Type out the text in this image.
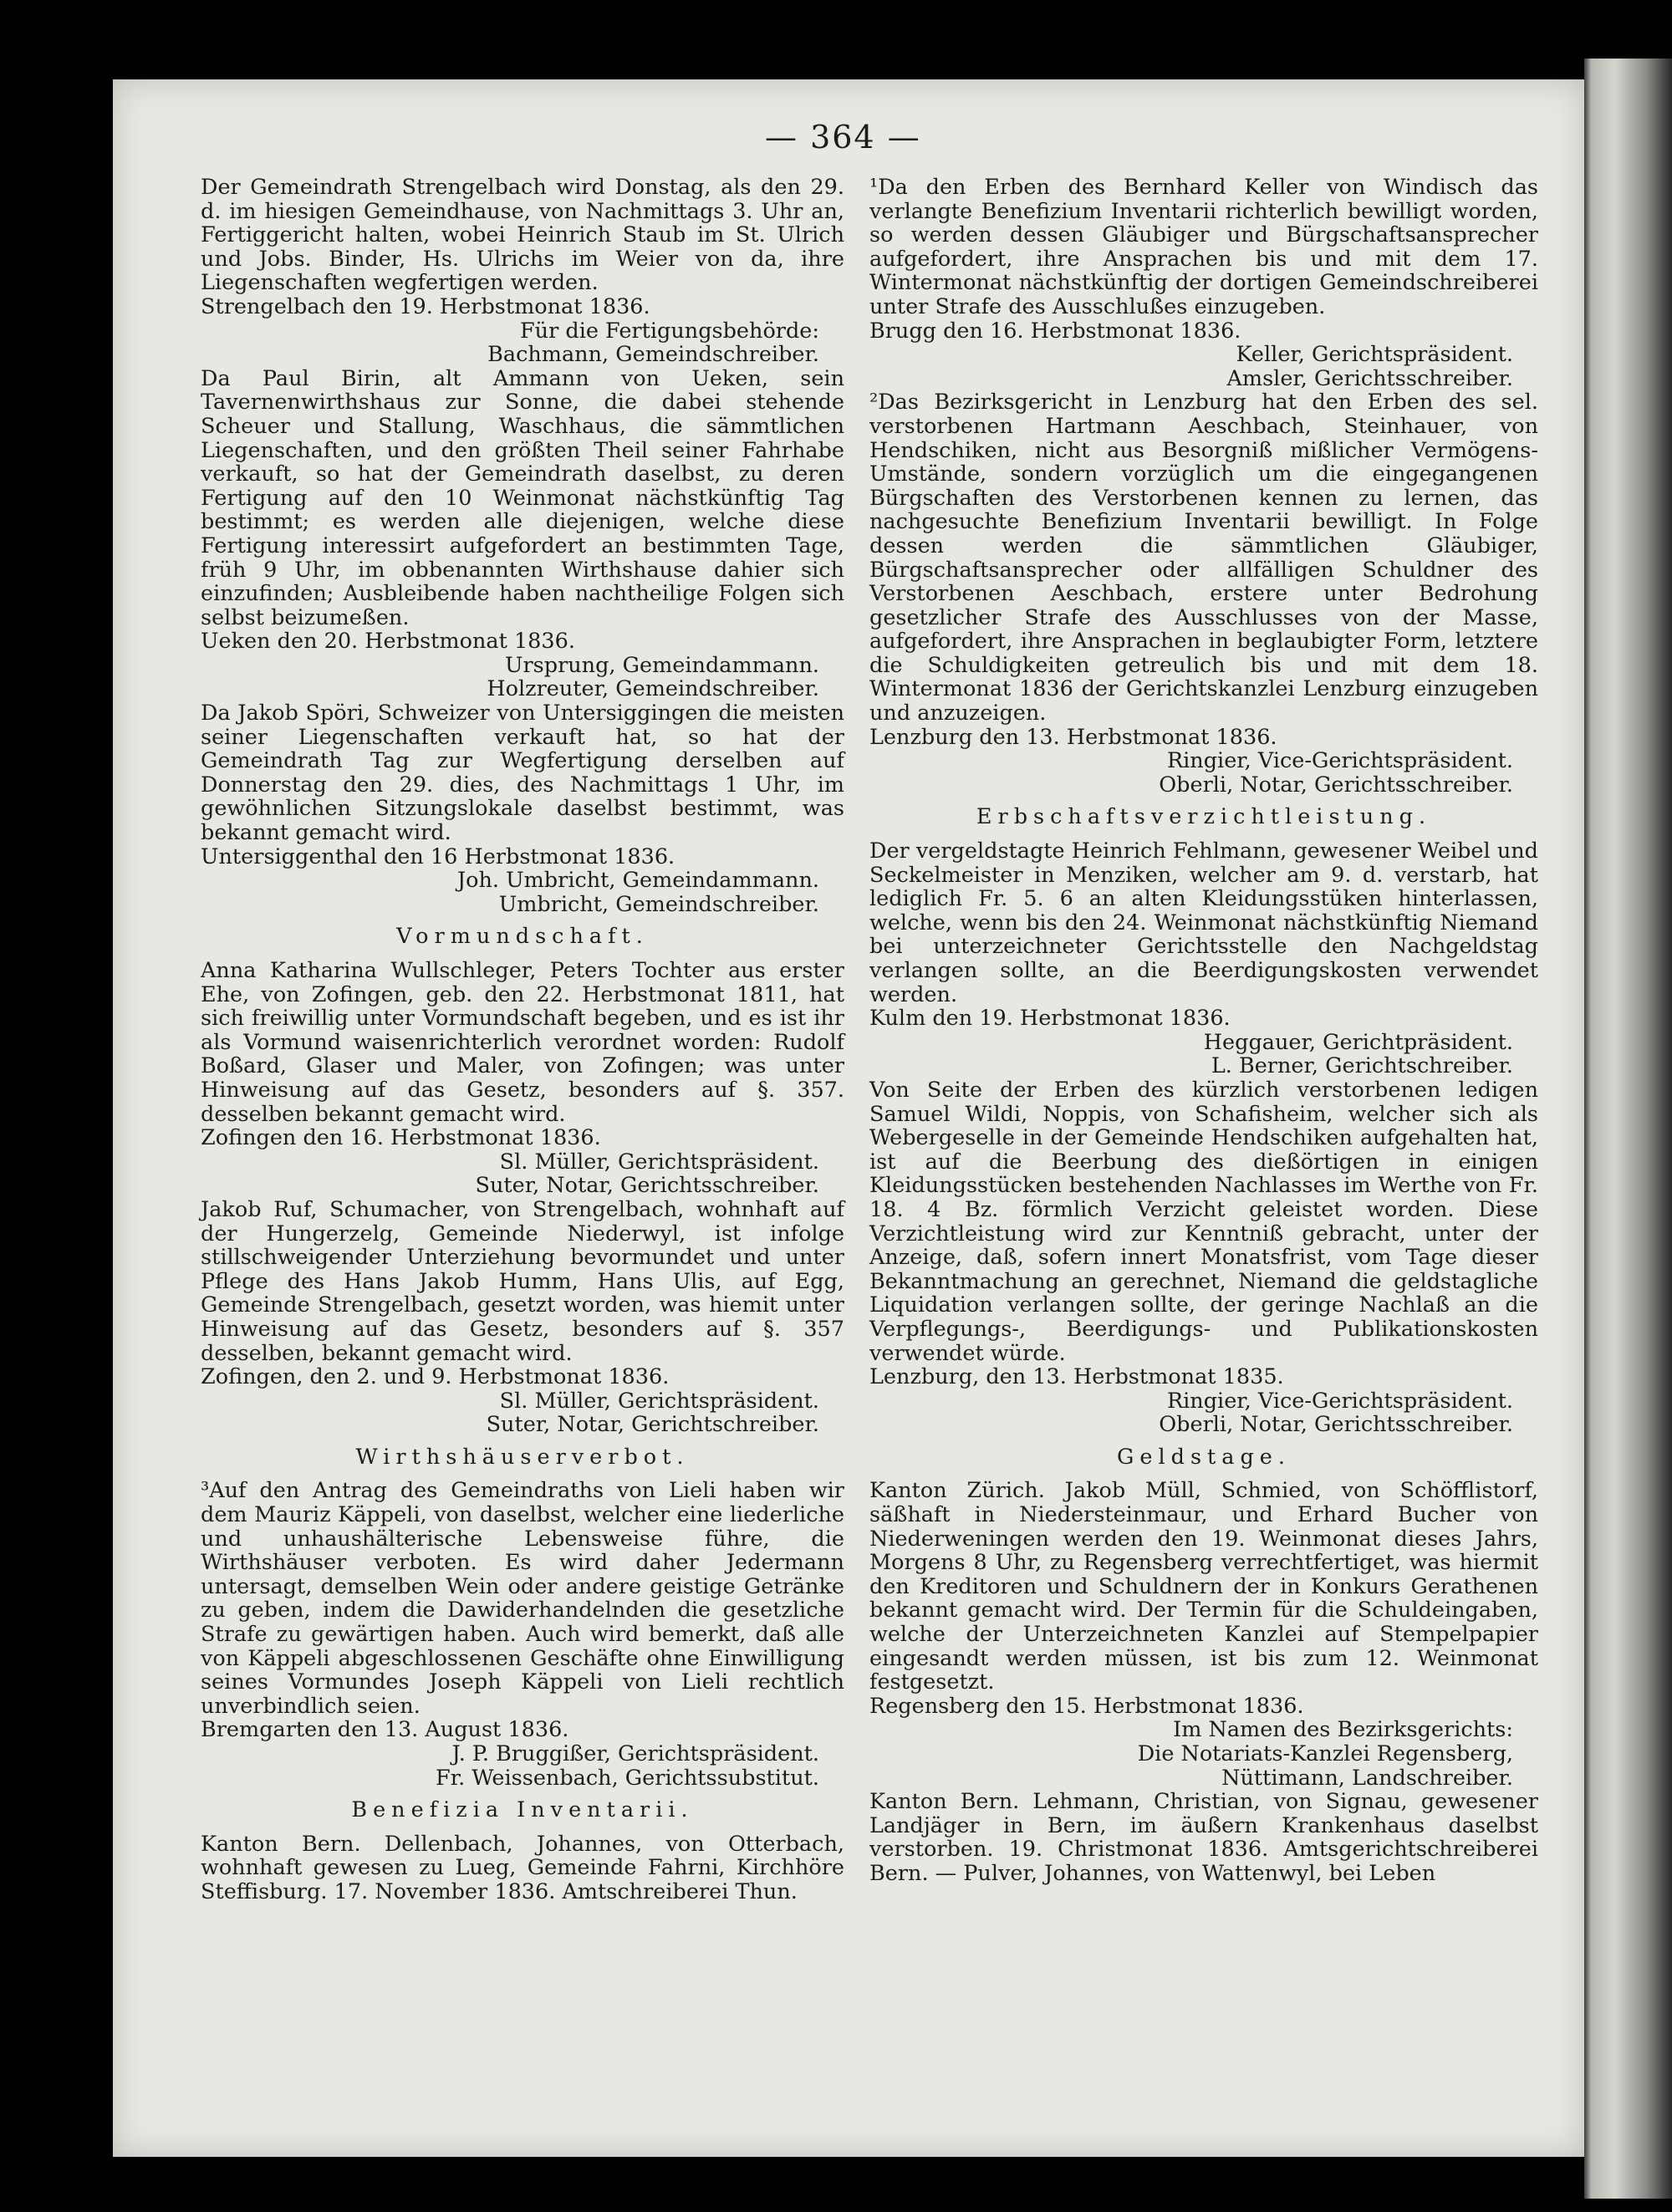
— 364 —

Der Gemeindrath Strengelbach wird Donstag, als den 29. d. im hiesigen Gemeindhause, von Nachmittags 3. Uhr an, Fertiggericht halten, wobei Heinrich Staub im St. Ulrich und Jobs. Binder, Hs. Ulrichs im Weier von da, ihre Liegenschaften wegfertigen werden.

Strengelbach den 19. Herbstmonat 1836.

Für die Fertigungsbehörde:

Bachmann, Gemeindschreiber.

Da Paul Birin, alt Ammann von Ueken, sein Tavernenwirthshaus zur Sonne, die dabei stehende Scheuer und Stallung, Waschhaus, die sämmtlichen Liegenschaften, und den größten Theil seiner Fahrhabe verkauft, so hat der Gemeindrath daselbst, zu deren Fertigung auf den 10 Weinmonat nächstkünftig Tag bestimmt; es werden alle diejenigen, welche diese Fertigung interessirt aufgefordert an bestimmten Tage, früh 9 Uhr, im obbenannten Wirthshause dahier sich einzufinden; Ausbleibende haben nachtheilige Folgen sich selbst beizumeßen.

Ueken den 20. Herbstmonat 1836.

Ursprung, Gemeindammann.

Holzreuter, Gemeindschreiber.

Da Jakob Spöri, Schweizer von Untersiggingen die meisten seiner Liegenschaften verkauft hat, so hat der Gemeindrath Tag zur Wegfertigung derselben auf Donnerstag den 29. dies, des Nachmittags 1 Uhr, im gewöhnlichen Sitzungslokale daselbst bestimmt, was bekannt gemacht wird.

Untersiggenthal den 16 Herbstmonat 1836.

Joh. Umbricht, Gemeindammann.

Umbricht, Gemeindschreiber.

Vormundschaft.

Anna Katharina Wullschleger, Peters Tochter aus erster Ehe, von Zofingen, geb. den 22. Herbstmonat 1811, hat sich freiwillig unter Vormundschaft begeben, und es ist ihr als Vormund waisenrichterlich verordnet worden: Rudolf Boßard, Glaser und Maler, von Zofingen; was unter Hinweisung auf das Gesetz, besonders auf §. 357. desselben bekannt gemacht wird.

Zofingen den 16. Herbstmonat 1836.

Sl. Müller, Gerichtspräsident.

Suter, Notar, Gerichtsschreiber.

Jakob Ruf, Schumacher, von Strengelbach, wohnhaft auf der Hungerzelg, Gemeinde Niederwyl, ist infolge stillschweigender Unterziehung bevormundet und unter Pflege des Hans Jakob Humm, Hans Ulis, auf Egg, Gemeinde Strengelbach, gesetzt worden, was hiemit unter Hinweisung auf das Gesetz, besonders auf §. 357 desselben, bekannt gemacht wird.

Zofingen, den 2. und 9. Herbstmonat 1836.

Sl. Müller, Gerichtspräsident.

Suter, Notar, Gerichtschreiber.

Wirthshäuserverbot.

³Auf den Antrag des Gemeindraths von Lieli haben wir dem Mauriz Käppeli, von daselbst, welcher eine liederliche und unhaushälterische Lebensweise führe, die Wirthshäuser verboten. Es wird daher Jedermann untersagt, demselben Wein oder andere geistige Getränke zu geben, indem die Dawiderhandelnden die gesetzliche Strafe zu gewärtigen haben. Auch wird bemerkt, daß alle von Käppeli abgeschlossenen Geschäfte ohne Einwilligung seines Vormundes Joseph Käppeli von Lieli rechtlich unverbindlich seien.

Bremgarten den 13. August 1836.

J. P. Bruggißer, Gerichtspräsident.

Fr. Weissenbach, Gerichtssubstitut.

Benefizia Inventarii.

Kanton Bern. Dellenbach, Johannes, von Otterbach, wohnhaft gewesen zu Lueg, Gemeinde Fahrni, Kirchhöre Steffisburg. 17. November 1836. Amtschreiberei Thun.

¹Da den Erben des Bernhard Keller von Windisch das verlangte Benefizium Inventarii richterlich bewilligt worden, so werden dessen Gläubiger und Bürgschaftsansprecher aufgefordert, ihre Ansprachen bis und mit dem 17. Wintermonat nächstkünftig der dortigen Gemeindschreiberei unter Strafe des Ausschlußes einzugeben.

Brugg den 16. Herbstmonat 1836.

Keller, Gerichtspräsident.

Amsler, Gerichtsschreiber.

²Das Bezirksgericht in Lenzburg hat den Erben des sel. verstorbenen Hartmann Aeschbach, Steinhauer, von Hendschiken, nicht aus Besorgniß mißlicher Vermögens-Umstände, sondern vorzüglich um die eingegangenen Bürgschaften des Verstorbenen kennen zu lernen, das nachgesuchte Benefizium Inventarii bewilligt. In Folge dessen werden die sämmtlichen Gläubiger, Bürgschaftsansprecher oder allfälligen Schuldner des Verstorbenen Aeschbach, erstere unter Bedrohung gesetzlicher Strafe des Ausschlusses von der Masse, aufgefordert, ihre Ansprachen in beglaubigter Form, letztere die Schuldigkeiten getreulich bis und mit dem 18. Wintermonat 1836 der Gerichtskanzlei Lenzburg einzugeben und anzuzeigen.

Lenzburg den 13. Herbstmonat 1836.

Ringier, Vice-Gerichtspräsident.

Oberli, Notar, Gerichtsschreiber.

Erbschaftsverzichtleistung.

Der vergeldstagte Heinrich Fehlmann, gewesener Weibel und Seckelmeister in Menziken, welcher am 9. d. verstarb, hat lediglich Fr. 5. 6 an alten Kleidungsstüken hinterlassen, welche, wenn bis den 24. Weinmonat nächstkünftig Niemand bei unterzeichneter Gerichtsstelle den Nachgeldstag verlangen sollte, an die Beerdigungskosten verwendet werden.

Kulm den 19. Herbstmonat 1836.

Heggauer, Gerichtpräsident.

L. Berner, Gerichtschreiber.

Von Seite der Erben des kürzlich verstorbenen ledigen Samuel Wildi, Noppis, von Schafisheim, welcher sich als Webergeselle in der Gemeinde Hendschiken aufgehalten hat, ist auf die Beerbung des dießörtigen in einigen Kleidungsstücken bestehenden Nachlasses im Werthe von Fr. 18. 4 Bz. förmlich Verzicht geleistet worden. Diese Verzichtleistung wird zur Kenntniß gebracht, unter der Anzeige, daß, sofern innert Monatsfrist, vom Tage dieser Bekanntmachung an gerechnet, Niemand die geldstagliche Liquidation verlangen sollte, der geringe Nachlaß an die Verpflegungs-, Beerdigungs- und Publikationskosten verwendet würde.

Lenzburg, den 13. Herbstmonat 1835.

Ringier, Vice-Gerichtspräsident.

Oberli, Notar, Gerichtsschreiber.

Geldstage.

Kanton Zürich. Jakob Müll, Schmied, von Schöfflistorf, säßhaft in Niedersteinmaur, und Erhard Bucher von Niederweningen werden den 19. Weinmonat dieses Jahrs, Morgens 8 Uhr, zu Regensberg verrechtfertiget, was hiermit den Kreditoren und Schuldnern der in Konkurs Gerathenen bekannt gemacht wird. Der Termin für die Schuldeingaben, welche der Unterzeichneten Kanzlei auf Stempelpapier eingesandt werden müssen, ist bis zum 12. Weinmonat festgesetzt.

Regensberg den 15. Herbstmonat 1836.

Im Namen des Bezirksgerichts:

Die Notariats-Kanzlei Regensberg,

Nüttimann, Landschreiber.

Kanton Bern. Lehmann, Christian, von Signau, gewesener Landjäger in Bern, im äußern Krankenhaus daselbst verstorben. 19. Christmonat 1836. Amtsgerichtschreiberei Bern. — Pulver, Johannes, von Wattenwyl, bei Leben
